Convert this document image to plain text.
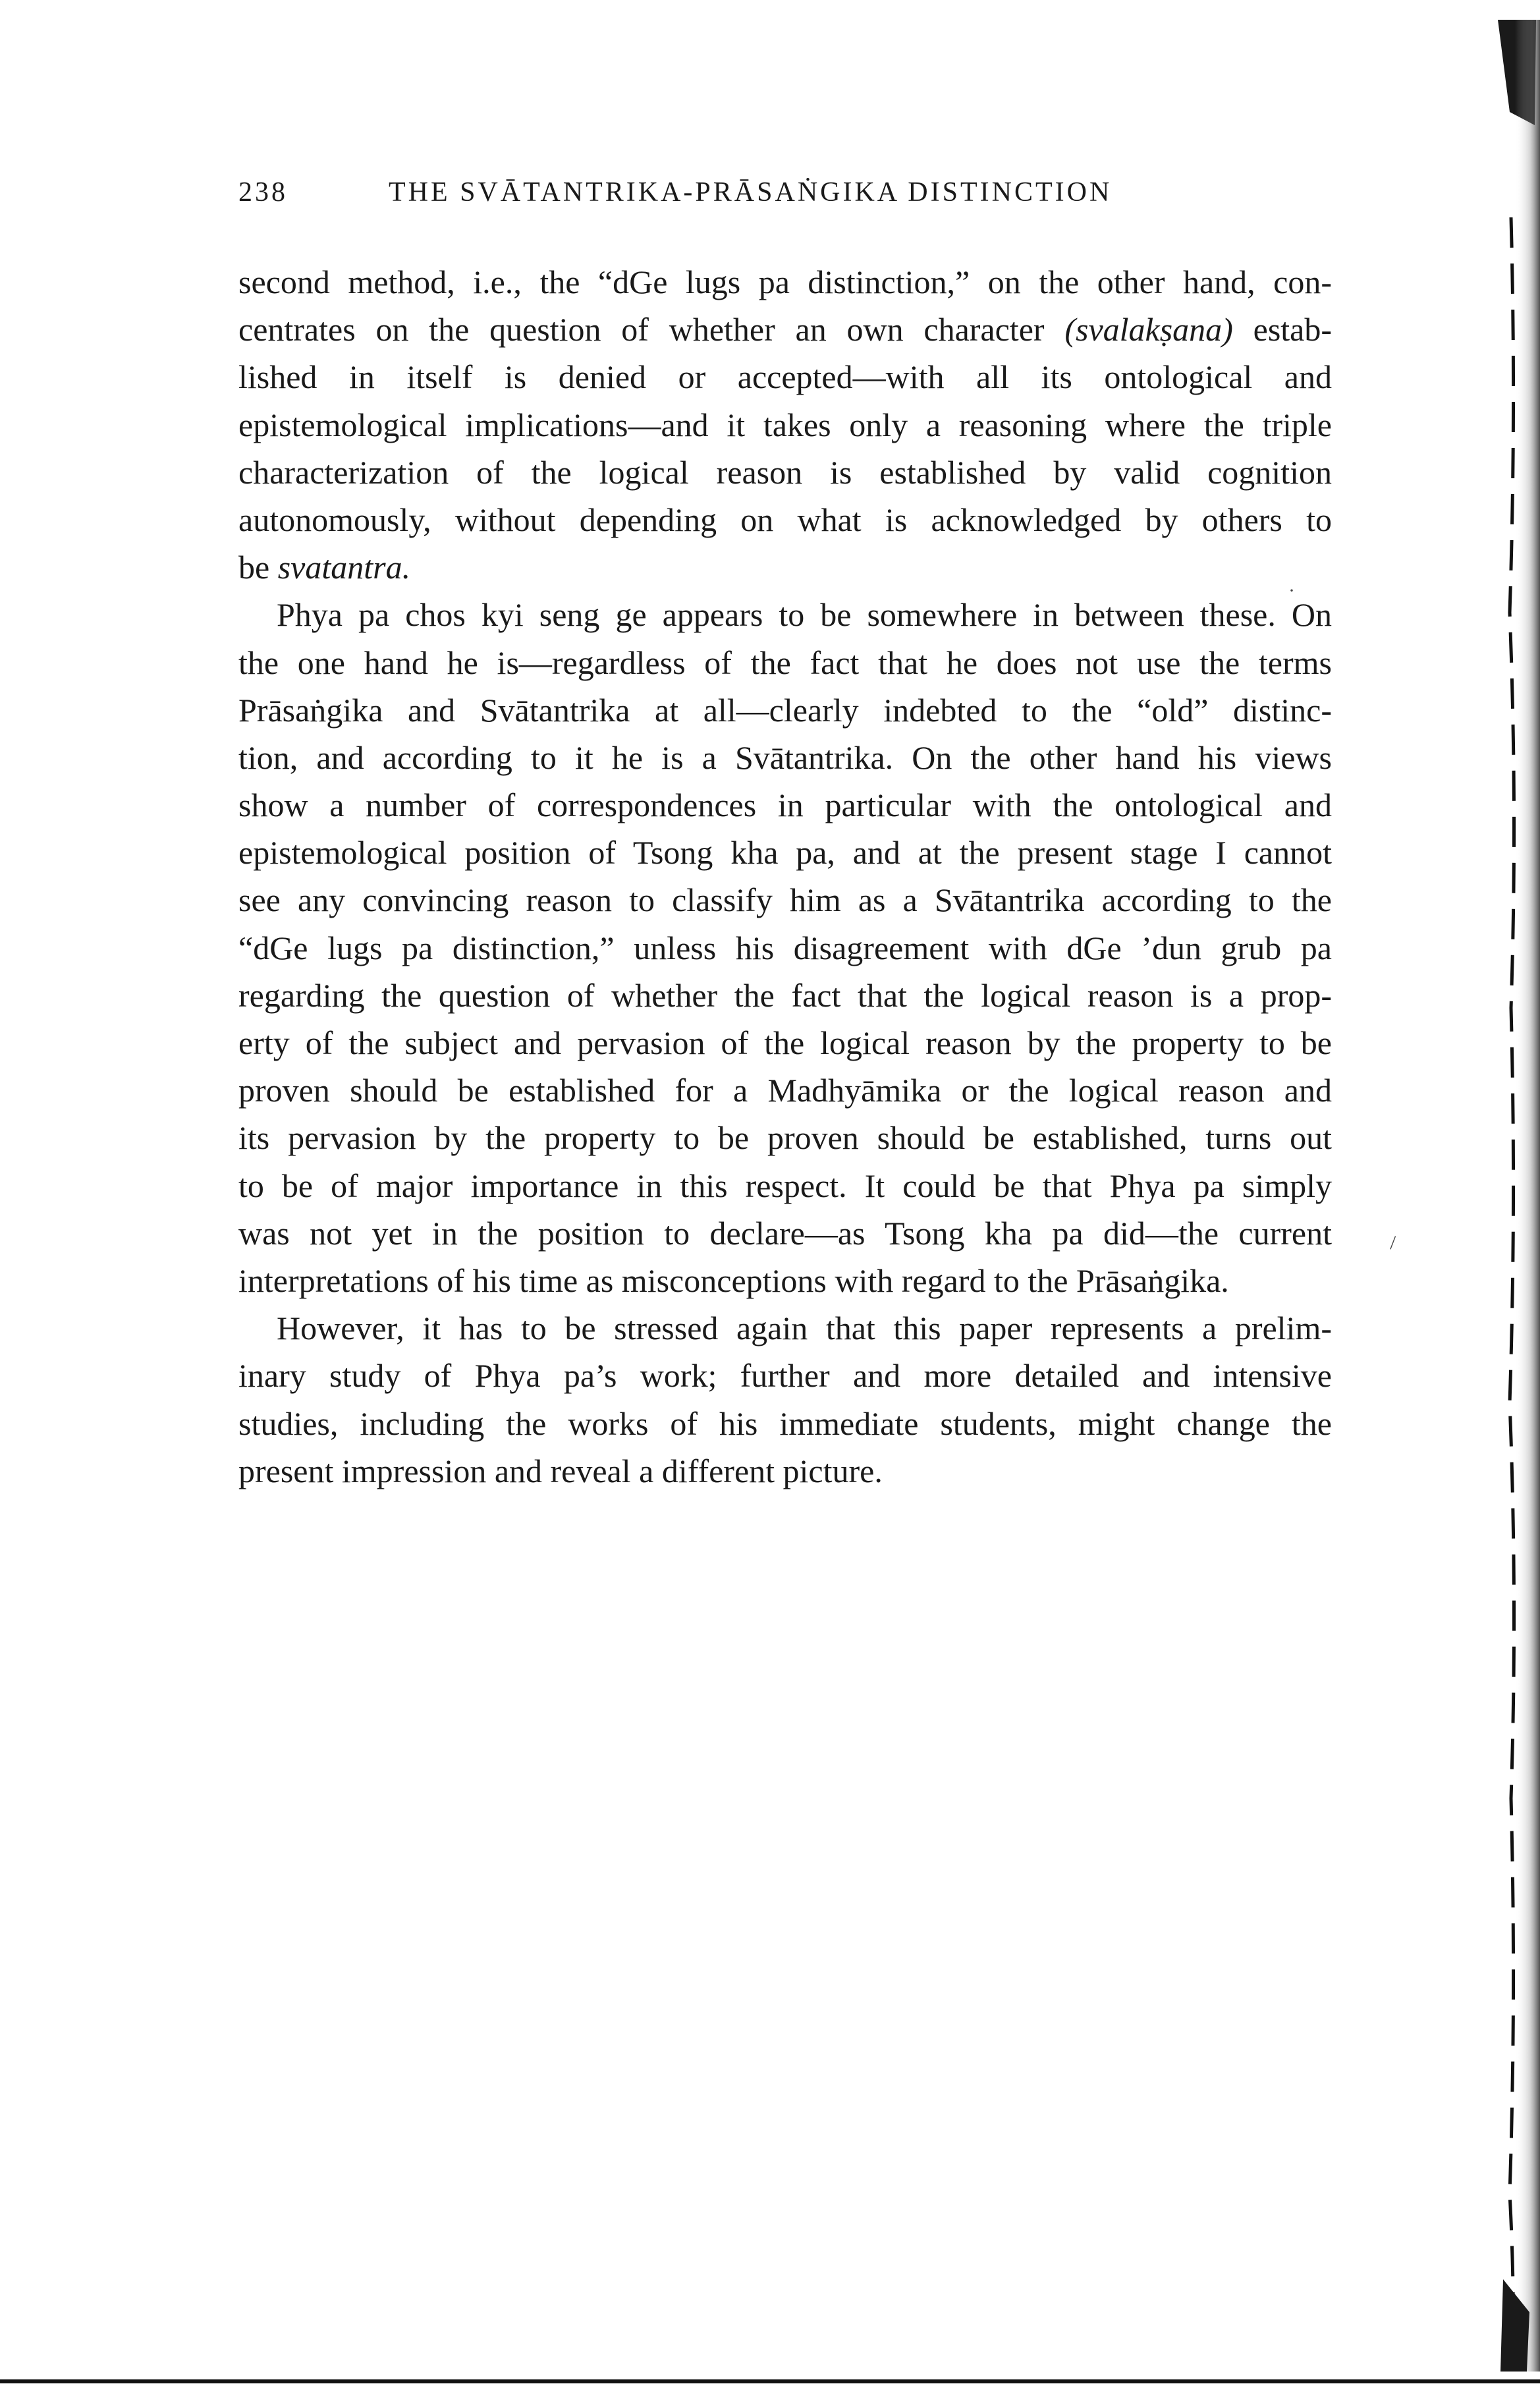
238	THE SVĀTANTRIKA-PRĀSAṄGIKA DISTINCTION
second method, i.e., the “dGe lugs pa distinction,” on the other hand, con-
centrates on the question of whether an own character (svalakṣana) estab-
lished in itself is denied or accepted—with all its ontological and
epistemological implications—and it takes only a reasoning where the triple
characterization of the logical reason is established by valid cognition
autonomously, without depending on what is acknowledged by others to
be svatantra.
Phya pa chos kyi seng ge appears to be somewhere in between these. On
the one hand he is—regardless of the fact that he does not use the terms
Prāsaṅgika and Svātantrika at all—clearly indebted to the “old” distinc-
tion, and according to it he is a Svātantrika. On the other hand his views
show a number of correspondences in particular with the ontological and
epistemological position of Tsong kha pa, and at the present stage I cannot
see any convincing reason to classify him as a Svātantrika according to the
“dGe lugs pa distinction,” unless his disagreement with dGe ’dun grub pa
regarding the question of whether the fact that the logical reason is a prop-
erty of the subject and pervasion of the logical reason by the property to be
proven should be established for a Madhyāmika or the logical reason and
its pervasion by the property to be proven should be established, turns out
to be of major importance in this respect. It could be that Phya pa simply
was not yet in the position to declare—as Tsong kha pa did—the current
interpretations of his time as misconceptions with regard to the Prāsaṅgika.
However, it has to be stressed again that this paper represents a prelim-
inary study of Phya pa’s work; further and more detailed and intensive
studies, including the works of his immediate students, might change the
present impression and reveal a different picture.
·
\
